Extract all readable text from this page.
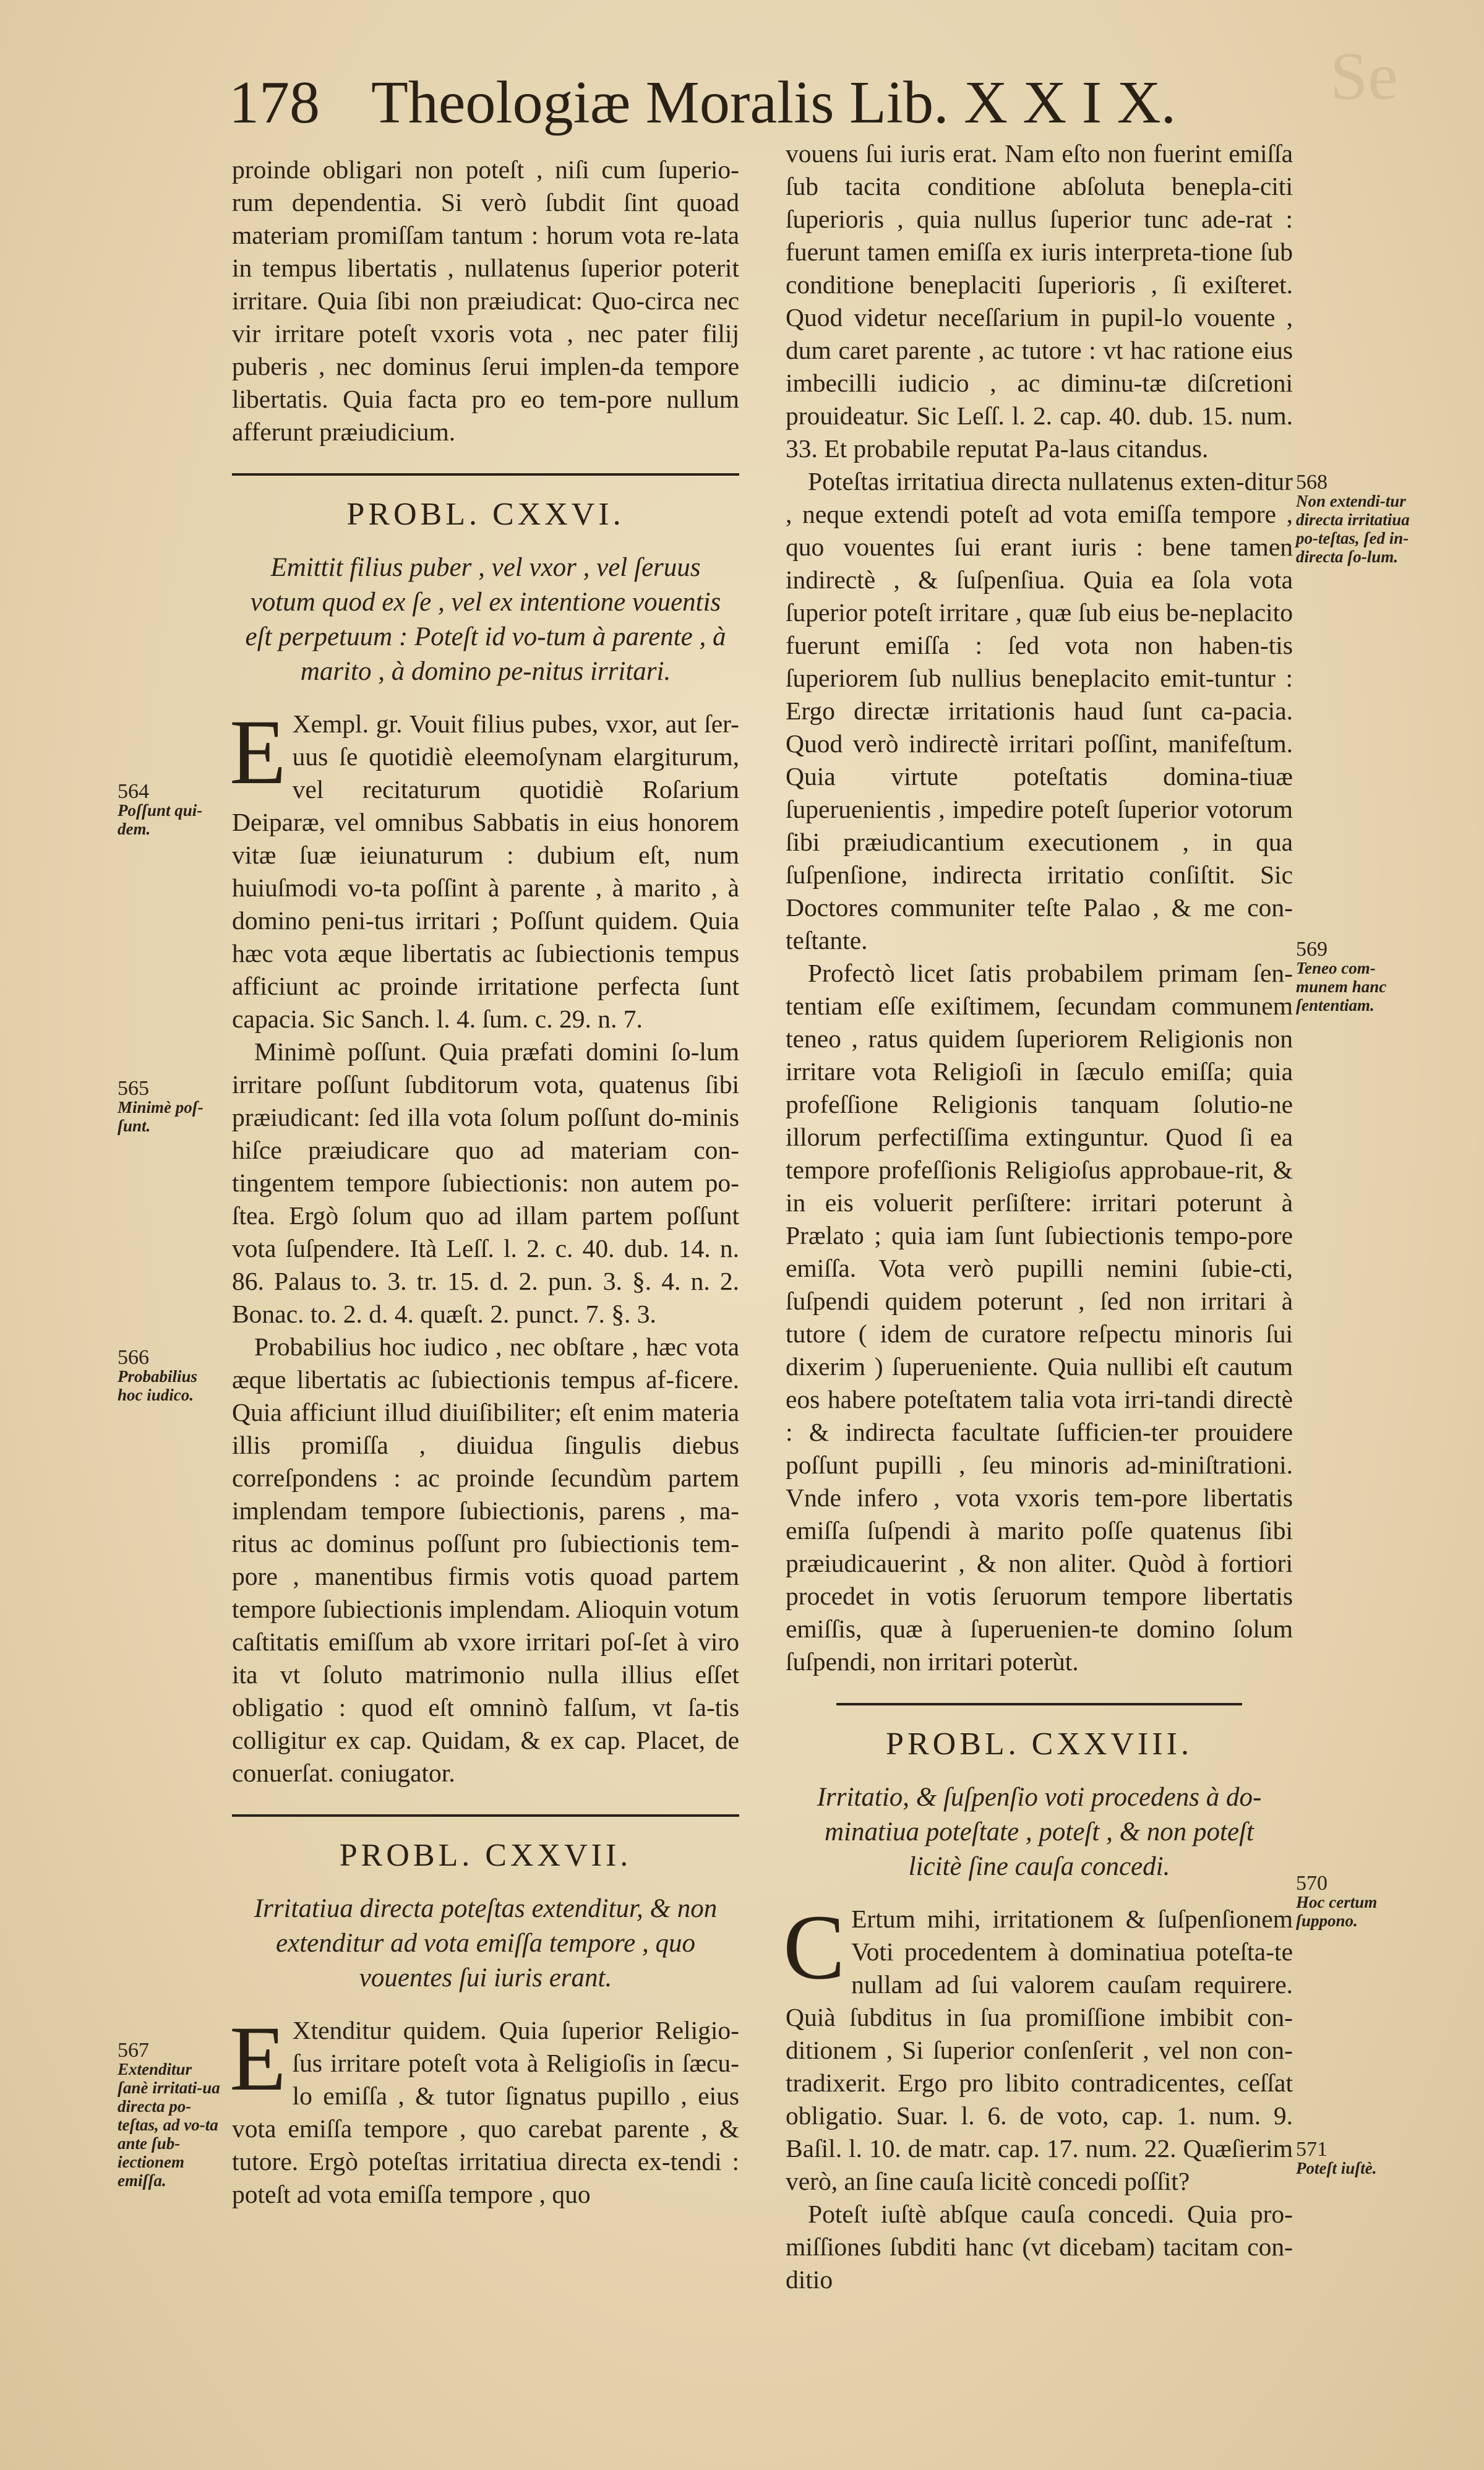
Se
178 Theologiæ Moralis Lib. X X I X.

proinde obligari non poteſt , niſi cum ſuperio-rum dependentia. Si verò ſubdit ſint quoad materiam promiſſam tantum : horum vota re-lata in tempus libertatis , nullatenus ſuperior poterit irritare. Quia ſibi non præiudicat: Quo-circa nec vir irritare poteſt vxoris vota , nec pater filij puberis , nec dominus ſerui implen-da tempore libertatis. Quia facta pro eo tem-pore nullum afferunt præiudicium.

PROBL. CXXVI.
Emittit filius puber , vel vxor , vel ſeruus votum quod ex ſe , vel ex intentione vouentis eſt perpetuum : Poteſt id vo-tum à parente , à marito , à domino pe-nitus irritari.

E Xempl. gr. Vouit filius pubes, vxor, aut ſer-uus ſe quotidiè eleemoſynam elargiturum, vel recitaturum quotidiè Roſarium Deiparæ, vel omnibus Sabbatis in eius honorem vitæ ſuæ ieiunaturum : dubium eſt, num huiuſmodi vo-ta poſſint à parente , à marito , à domino peni-tus irritari ; Poſſunt quidem. Quia hæc vota æque libertatis ac ſubiectionis tempus afficiunt ac proinde irritatione perfecta ſunt capacia. Sic Sanch. l. 4. ſum. c. 29. n. 7.

Minimè poſſunt. Quia præfati domini ſo-lum irritare poſſunt ſubditorum vota, quatenus ſibi præiudicant: ſed illa vota ſolum poſſunt do-minis hiſce præiudicare quo ad materiam con-tingentem tempore ſubiectionis: non autem po-ſtea. Ergò ſolum quo ad illam partem poſſunt vota ſuſpendere. Ità Leſſ. l. 2. c. 40. dub. 14. n. 86. Palaus to. 3. tr. 15. d. 2. pun. 3. §. 4. n. 2. Bonac. to. 2. d. 4. quæſt. 2. punct. 7. §. 3.

Probabilius hoc iudico , nec obſtare , hæc vota æque libertatis ac ſubiectionis tempus af-ficere. Quia afficiunt illud diuiſibiliter; eſt enim materia illis promiſſa , diuidua ſingulis diebus correſpondens : ac proinde ſecundùm partem implendam tempore ſubiectionis, parens , ma-ritus ac dominus poſſunt pro ſubiectionis tem-pore , manentibus firmis votis quoad partem tempore ſubiectionis implendam. Alioquin votum caſtitatis emiſſum ab vxore irritari poſ-ſet à viro ita vt ſoluto matrimonio nulla illius eſſet obligatio : quod eſt omninò falſum, vt ſa-tis colligitur ex cap. Quidam, & ex cap. Placet, de conuerſat. coniugator.

PROBL. CXXVII.
Irritatiua directa poteſtas extenditur, & non extenditur ad vota emiſſa tempore , quo vouentes ſui iuris erant.

E Xtenditur quidem. Quia ſuperior Religio-ſus irritare poteſt vota à Religioſis in ſæcu-lo emiſſa , & tutor ſignatus pupillo , eius vota emiſſa tempore , quo carebat parente , & tutore. Ergò poteſtas irritatiua directa ex-tendi : poteſt ad vota emiſſa tempore , quo

vouens ſui iuris erat. Nam eſto non fuerint emiſſa ſub tacita conditione abſoluta benepla-citi ſuperioris , quia nullus ſuperior tunc ade-rat : fuerunt tamen emiſſa ex iuris interpreta-tione ſub conditione beneplaciti ſuperioris , ſi exiſteret. Quod videtur neceſſarium in pupil-lo vouente , dum caret parente , ac tutore : vt hac ratione eius imbecilli iudicio , ac diminu-tæ diſcretioni prouideatur. Sic Leſſ. l. 2. cap. 40. dub. 15. num. 33. Et probabile reputat Pa-laus citandus.

Poteſtas irritatiua directa nullatenus exten-ditur , neque extendi poteſt ad vota emiſſa tempore , quo vouentes ſui erant iuris : bene tamen indirectè , & ſuſpenſiua. Quia ea ſola vota ſuperior poteſt irritare , quæ ſub eius be-neplacito fuerunt emiſſa : ſed vota non haben-tis ſuperiorem ſub nullius beneplacito emit-tuntur : Ergo directæ irritationis haud ſunt ca-pacia. Quod verò indirectè irritari poſſint, manifeſtum. Quia virtute poteſtatis domina-tiuæ ſuperuenientis , impedire poteſt ſuperior votorum ſibi præiudicantium executionem , in qua ſuſpenſione, indirecta irritatio conſiſtit. Sic Doctores communiter teſte Palao , & me con-teſtante.

Profectò licet ſatis probabilem primam ſen-tentiam eſſe exiſtimem, ſecundam communem teneo , ratus quidem ſuperiorem Religionis non irritare vota Religioſi in ſæculo emiſſa; quia profeſſione Religionis tanquam ſolutio-ne illorum perfectiſſima extinguntur. Quod ſi ea tempore profeſſionis Religioſus approbaue-rit, & in eis voluerit perſiſtere: irritari poterunt à Prælato ; quia iam ſunt ſubiectionis tempo-pore emiſſa. Vota verò pupilli nemini ſubie-cti, ſuſpendi quidem poterunt , ſed non irritari à tutore ( idem de curatore reſpectu minoris ſui dixerim ) ſuperueniente. Quia nullibi eſt cautum eos habere poteſtatem talia vota irri-tandi directè : & indirecta facultate ſufficien-ter prouidere poſſunt pupilli , ſeu minoris ad-miniſtrationi. Vnde infero , vota vxoris tem-pore libertatis emiſſa ſuſpendi à marito poſſe quatenus ſibi præiudicauerint , & non aliter. Quòd à fortiori procedet in votis ſeruorum tempore libertatis emiſſis, quæ à ſuperuenien-te domino ſolum ſuſpendi, non irritari poterùt.

PROBL. CXXVIII.
Irritatio, & ſuſpenſio voti procedens à do-minatiua poteſtate , poteſt , & non poteſt licitè ſine cauſa concedi.

C Ertum mihi, irritationem & ſuſpenſionem Voti procedentem à dominatiua poteſta-te nullam ad ſui valorem cauſam requirere. Quià ſubditus in ſua promiſſione imbibit con-ditionem , Si ſuperior conſenſerit , vel non con-tradixerit. Ergo pro libito contradicentes, ceſſat obligatio. Suar. l. 6. de voto, cap. 1. num. 9. Baſil. l. 10. de matr. cap. 17. num. 22. Quæſierim verò, an ſine cauſa licitè concedi poſſit?

Poteſt iuſtè abſque cauſa concedi. Quia pro-miſſiones ſubditi hanc (vt dicebam) tacitam con-ditio

564
Poſſunt qui-dem.
565
Minimè poſ-ſunt.
566
Probabilius hoc iudico.
567
Extenditur ſanè irritati-ua directa po-teſtas, ad vo-ta ante ſub-iectionem emiſſa.
568
Non extendi-tur directa irritatiua po-teſtas, ſed in-directa ſo-lum.
569
Teneo com-munem hanc ſententiam.
570
Hoc certum ſuppono.
571
Poteſt iuſtè.
